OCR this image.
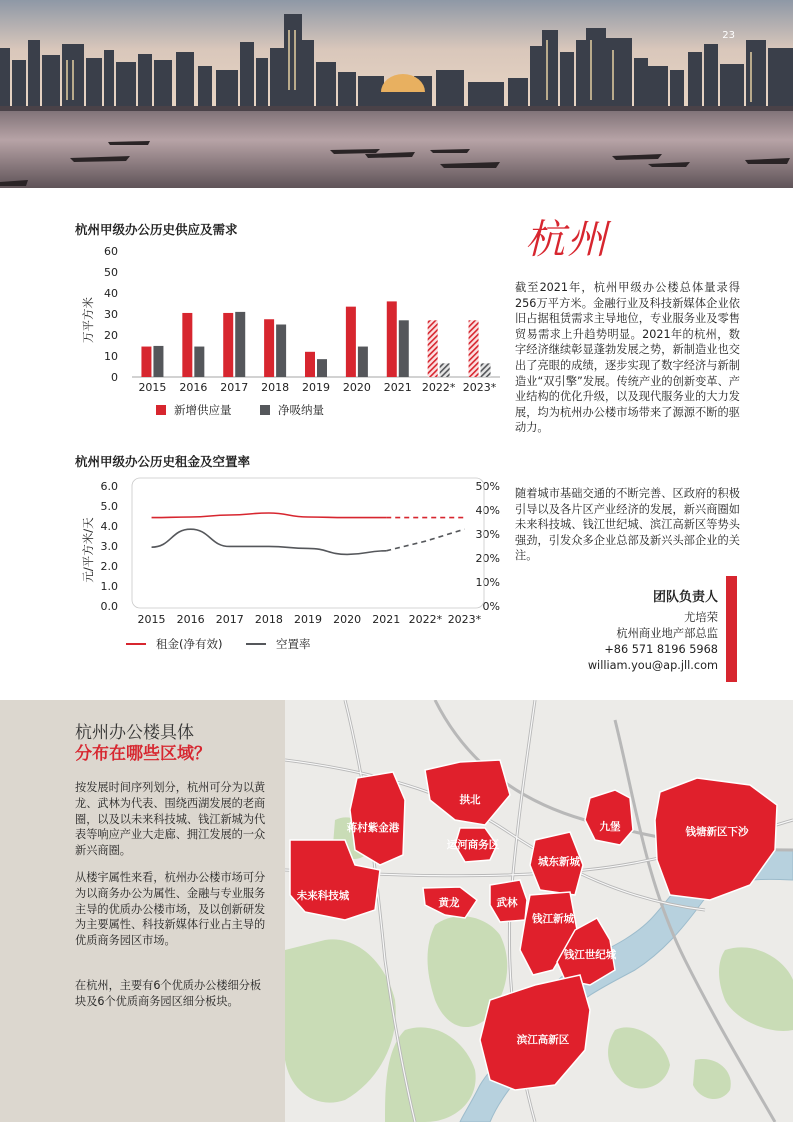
23
杭州甲级办公历史供应及需求
60
50
40
30
20
10
0
万平方米
2015 2016 2017 2018 2019 2020 2021 2022* 2023*
新增供应量	净吸纳量
杭州甲级办公历史租金及空置率
6.0
5.0
4.0
3.0
2.0
1.0
0.0
50%
40%
30%
20%
10%
0%
元/平方米/天
2015 2016 2017 2018 2019 2020 2021 2022* 2023*
租金(净有效)	空置率
杭州

截至2021年，杭州甲级办公楼总体量录得256万平方米。金融行业及科技新媒体企业依旧占据租赁需求主导地位，专业服务业及零售贸易需求上升趋势明显。2021年的杭州，数字经济继续彰显蓬勃发展之势，新制造业也交出了亮眼的成绩，逐步实现了数字经济与新制造业“双引擎”发展。传统产业的创新变革、产业结构的优化升级，以及现代服务业的大力发展，均为杭州办公楼市场带来了源源不断的驱动力。

随着城市基础交通的不断完善、区政府的积极引导以及各片区产业经济的发展，新兴商圈如未来科技城、钱江世纪城、滨江高新区等势头强劲，引发众多企业总部及新兴头部企业的关注。

团队负责人
尤培荣
杭州商业地产部总监
+86 571 8196 5968
william.you@ap.jll.com
杭州办公楼具体
分布在哪些区域？

按发展时间序列划分，杭州可分为以黄龙、武林为代表、围绕西湖发展的老商圈，以及以未来科技城、钱江新城为代表等响应产业大走廊、拥江发展的一众新兴商圈。

从楼宇属性来看，杭州办公楼市场可分为以商务办公为属性、金融与专业服务主导的优质办公楼市场，及以创新研发为主要属性、科技新媒体行业占主导的优质商务园区市场。

在杭州，主要有6个优质办公楼细分板块及6个优质商务园区细分板块。

蒋村紫金港
拱北
运河商务区
九堡	钱塘新区下沙
城东新城
未来科技城
黄龙	武林
钱江新城
钱江世纪城
滨江高新区
